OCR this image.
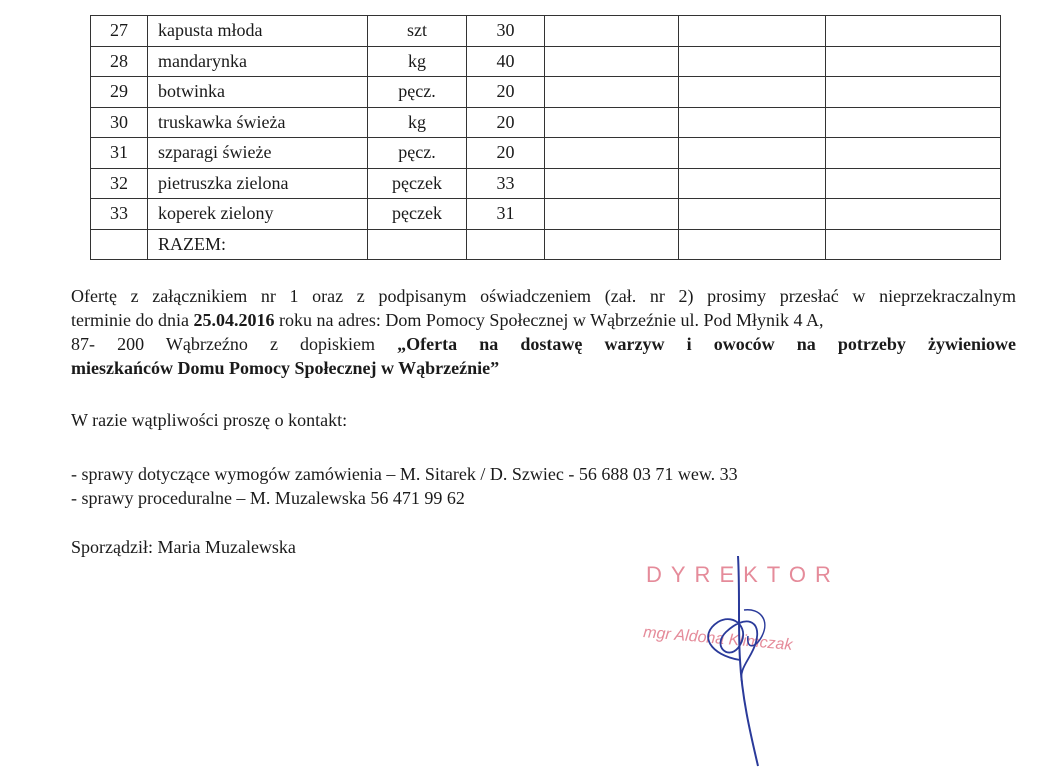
27	kapusta młoda	szt	30			
28	mandarynka	kg	40			
29	botwinka	pęcz.	20			
30	truskawka świeża	kg	20			
31	szparagi świeże	pęcz.	20			
32	pietruszka zielona	pęczek	33			
33	koperek zielony	pęczek	31			
	RAZEM:					
Ofertę z załącznikiem nr 1 oraz z podpisanym oświadczeniem (zał. nr 2) prosimy przesłać w nieprzekraczalnym
terminie do dnia 25.04.2016 roku na adres: Dom Pomocy Społecznej w Wąbrzeźnie ul. Pod Młynik 4 A,
87- 200 Wąbrzeźno z dopiskiem „Oferta na dostawę warzyw i owoców na potrzeby żywieniowe
mieszkańców Domu Pomocy Społecznej w Wąbrzeźnie”
W razie wątpliwości proszę o kontakt:
- sprawy dotyczące wymogów zamówienia – M. Sitarek / D. Szwiec - 56 688 03 71 wew. 33
- sprawy proceduralne – M. Muzalewska 56 471 99 62
Sporządził: Maria Muzalewska
DYREKTOR
mgr Aldona Klimczak
